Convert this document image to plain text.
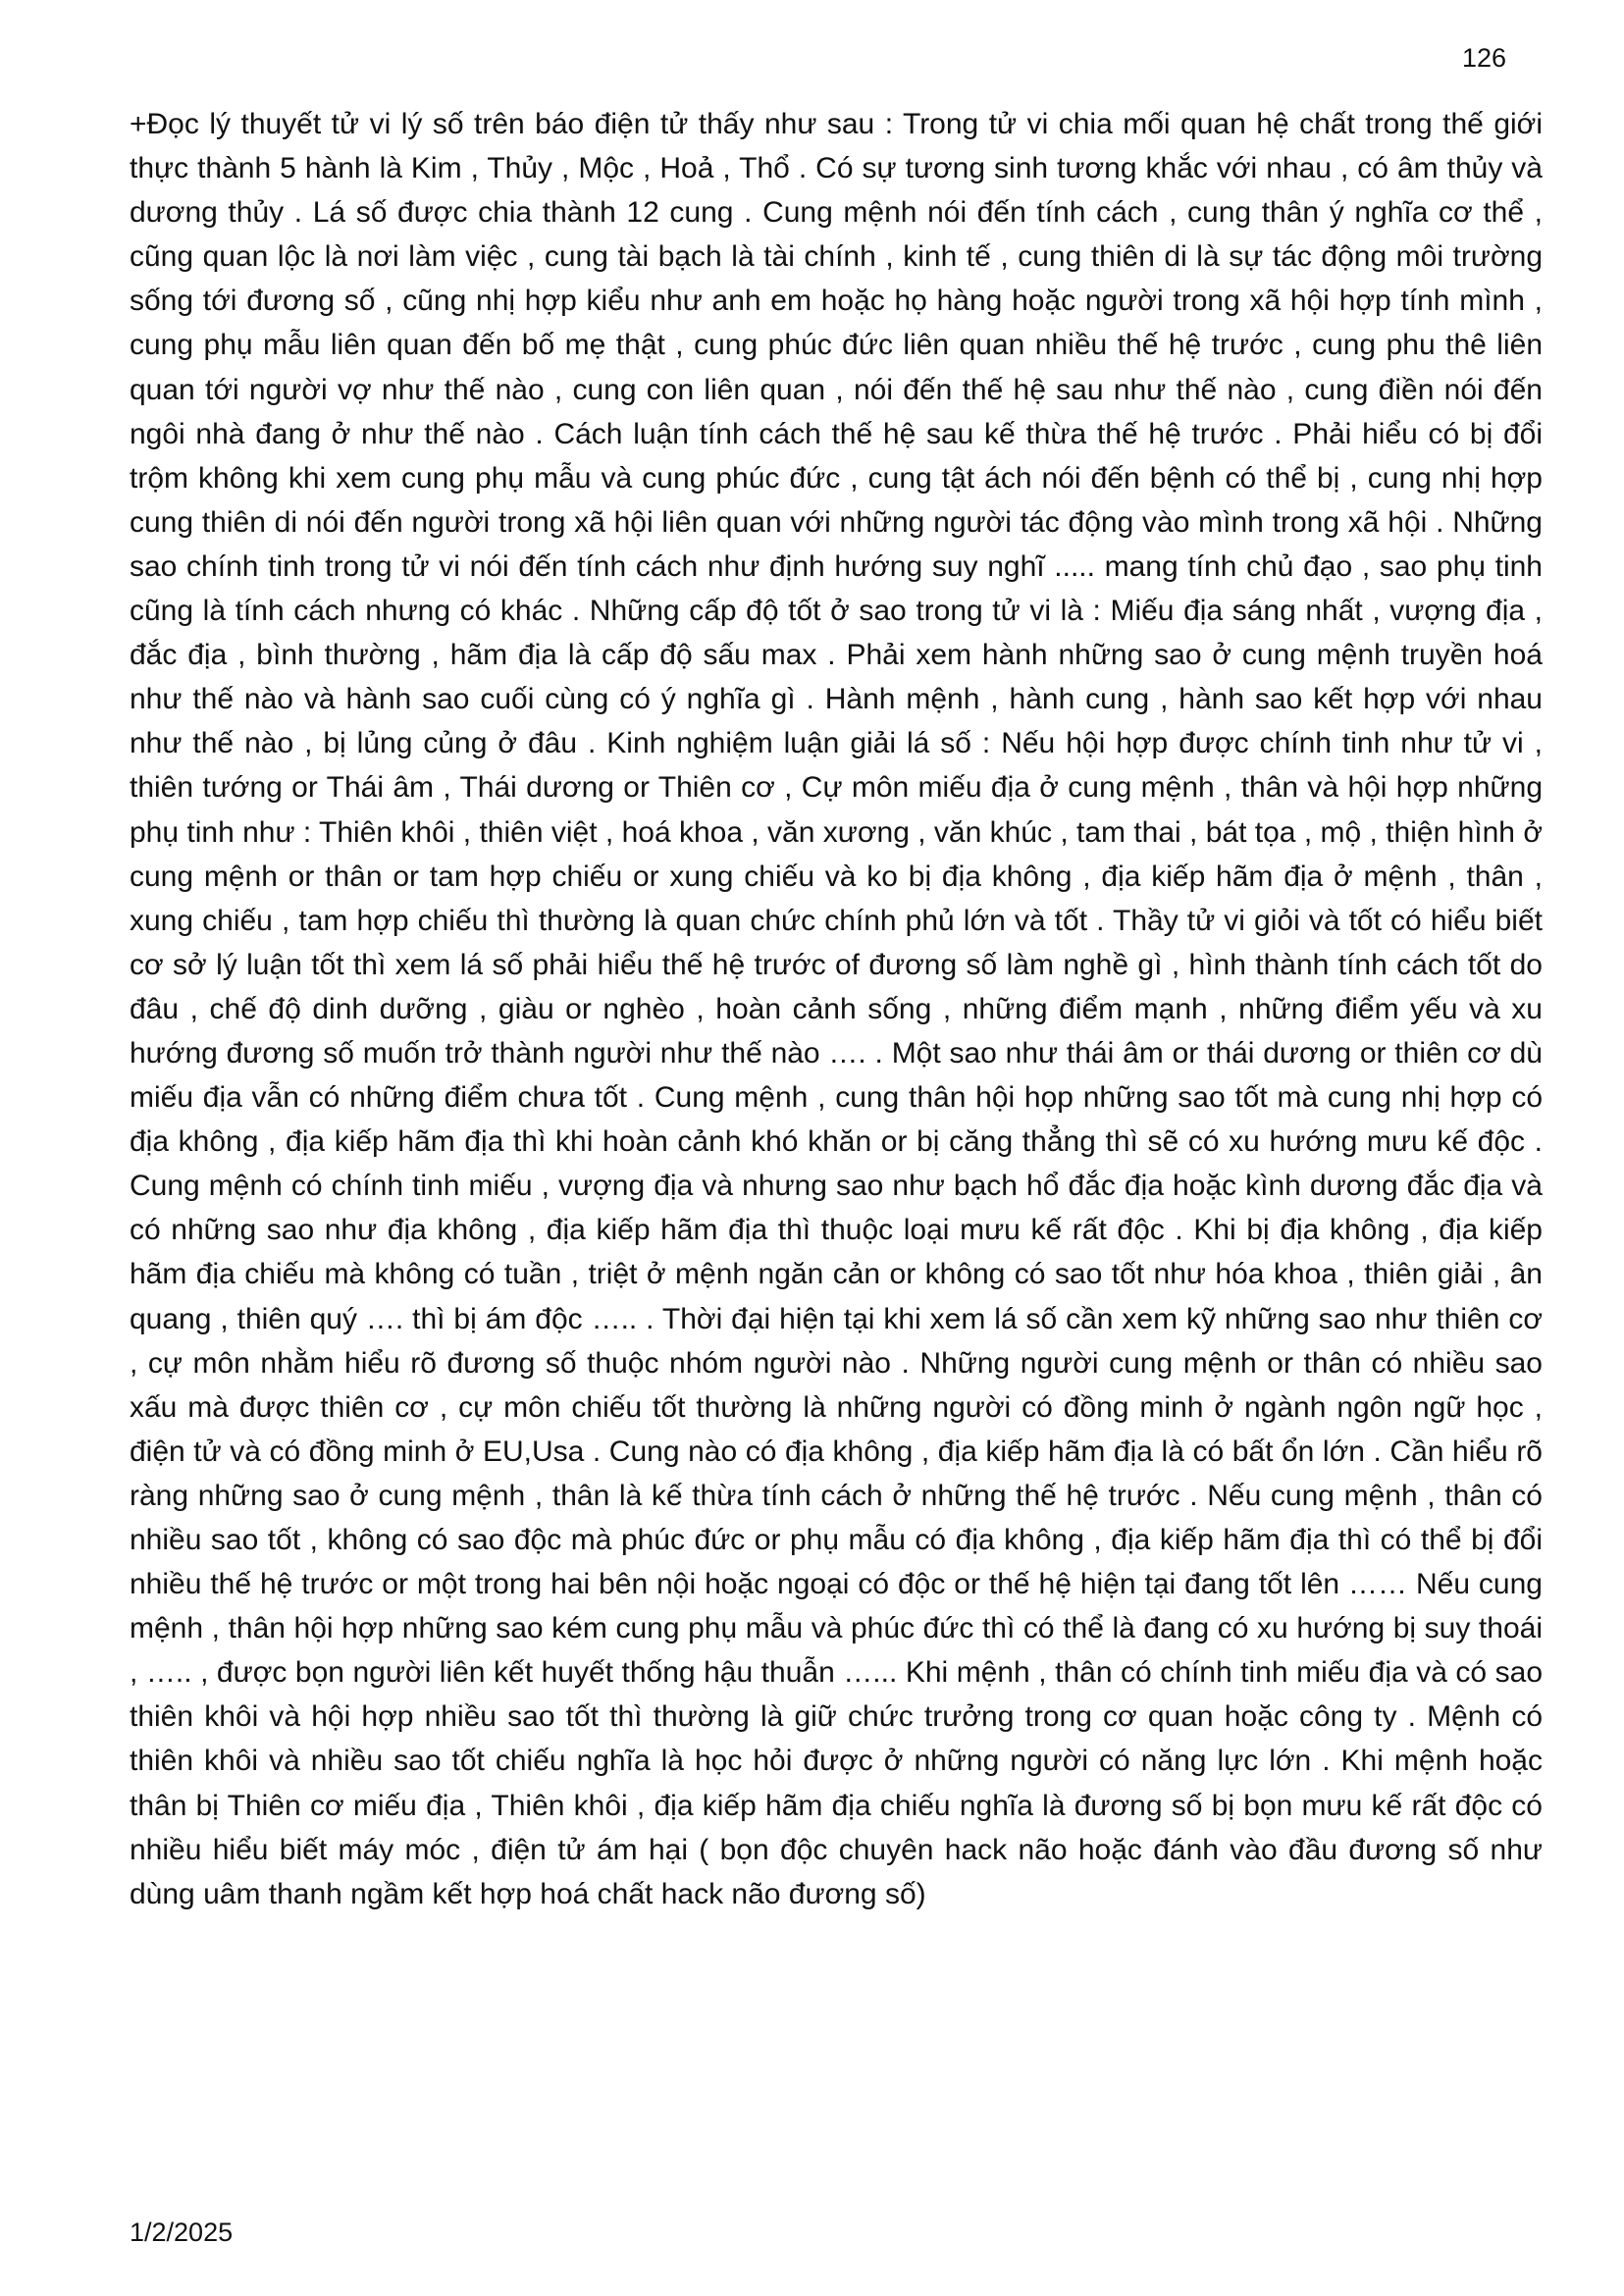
126
+Đọc lý thuyết tử vi lý số trên báo điện tử thấy như sau : Trong tử vi chia mối quan hệ chất trong thế giới thực thành 5 hành là Kim , Thủy , Mộc , Hoả , Thổ . Có sự tương sinh tương khắc với nhau , có âm thủy và dương thủy . Lá số được chia thành 12 cung . Cung mệnh nói đến tính cách , cung thân ý nghĩa cơ thể , cũng quan lộc là nơi làm việc , cung tài bạch là tài chính , kinh tế , cung thiên di là sự tác động môi trường sống tới đương số , cũng nhị hợp kiểu như anh em hoặc họ hàng hoặc người trong xã hội hợp tính mình , cung phụ mẫu liên quan đến bố mẹ thật , cung phúc đức liên quan nhiều thế hệ trước , cung phu thê liên quan tới người vợ như thế nào , cung con liên quan , nói đến thế hệ sau như thế nào , cung điền nói đến ngôi nhà đang ở như thế nào . Cách luận tính cách thế hệ sau kế thừa thế hệ trước . Phải hiểu có bị đổi trộm không khi xem cung phụ mẫu và cung phúc đức , cung tật ách nói đến bệnh có thể bị , cung nhị hợp cung thiên di nói đến người trong xã hội liên quan với những người tác động vào mình trong xã hội . Những sao chính tinh trong tử vi nói đến tính cách như định hướng suy nghĩ ..... mang tính chủ đạo , sao phụ tinh cũng là tính cách nhưng có khác . Những cấp độ tốt ở sao trong tử vi là : Miếu địa sáng nhất , vượng địa , đắc địa , bình thường , hãm địa là cấp độ sấu max . Phải xem hành những sao ở cung mệnh truyền hoá như thế nào và hành sao cuối cùng có ý nghĩa gì . Hành mệnh , hành cung , hành sao kết hợp với nhau như thế nào , bị lủng củng ở đâu . Kinh nghiệm luận giải lá số : Nếu hội hợp được chính tinh như tử vi , thiên tướng or Thái âm , Thái dương or Thiên cơ , Cự môn miếu địa ở cung mệnh , thân và hội hợp những phụ tinh như : Thiên khôi , thiên việt , hoá khoa , văn xương , văn khúc , tam thai , bát tọa , mộ , thiện hình ở cung mệnh or thân or tam hợp chiếu or xung chiếu và ko bị địa không , địa kiếp hãm địa ở mệnh , thân , xung chiếu , tam hợp chiếu thì thường là quan chức chính phủ lớn và tốt . Thầy tử vi giỏi và tốt có hiểu biết cơ sở lý luận tốt thì xem lá số phải hiểu thế hệ trước of đương số làm nghề gì , hình thành tính cách tốt do đâu , chế độ dinh dưỡng , giàu or nghèo , hoàn cảnh sống , những điểm mạnh , những điểm yếu và xu hướng đương số muốn trở thành người như thế nào …. . Một sao như thái âm or thái dương or thiên cơ dù miếu địa vẫn có những điểm chưa tốt . Cung mệnh , cung thân hội họp những sao tốt mà cung nhị hợp có địa không , địa kiếp hãm địa thì khi hoàn cảnh khó khăn or bị căng thẳng thì sẽ có xu hướng mưu kế độc . Cung mệnh có chính tinh miếu , vượng địa và nhưng sao như bạch hổ đắc địa hoặc kình dương đắc địa và có những sao như địa không , địa kiếp hãm địa thì thuộc loại mưu kế rất độc . Khi bị địa không , địa kiếp hãm địa chiếu mà không có tuần , triệt ở mệnh ngăn cản or không có sao tốt như hóa khoa , thiên giải , ân quang , thiên quý …. thì bị ám độc ….. . Thời đại hiện tại khi xem lá số cần xem kỹ những sao như thiên cơ , cự môn nhằm hiểu rõ đương số thuộc nhóm người nào . Những người cung mệnh or thân có nhiều sao xấu mà được thiên cơ , cự môn chiếu tốt thường là những người có đồng minh ở ngành ngôn ngữ học , điện tử và có đồng minh ở EU,Usa . Cung nào có địa không , địa kiếp hãm địa là có bất ổn lớn . Cần hiểu rõ ràng những sao ở cung mệnh , thân là kế thừa tính cách ở những thế hệ trước . Nếu cung mệnh , thân có nhiều sao tốt , không có sao độc mà phúc đức or phụ mẫu có địa không , địa kiếp hãm địa thì có thể bị đổi nhiều thế hệ trước or một trong hai bên nội hoặc ngoại có độc or thế hệ hiện tại đang tốt lên …… Nếu cung mệnh , thân hội hợp những sao kém cung phụ mẫu và phúc đức thì có thể là đang có xu hướng bị suy thoái , ….. , được bọn người liên kết huyết thống hậu thuẫn …... Khi mệnh , thân có chính tinh miếu địa và có sao thiên khôi và hội hợp nhiều sao tốt thì thường là giữ chức trưởng trong cơ quan hoặc công ty . Mệnh có thiên khôi và nhiều sao tốt chiếu nghĩa là học hỏi được ở những người có năng lực lớn . Khi mệnh hoặc thân bị Thiên cơ miếu địa , Thiên khôi , địa kiếp hãm địa chiếu nghĩa là đương số bị bọn mưu kế rất độc có nhiều hiểu biết máy móc , điện tử ám hại ( bọn độc chuyên hack não hoặc đánh vào đầu đương số như dùng uâm thanh ngầm kết hợp hoá chất hack não đương số)
1/2/2025
